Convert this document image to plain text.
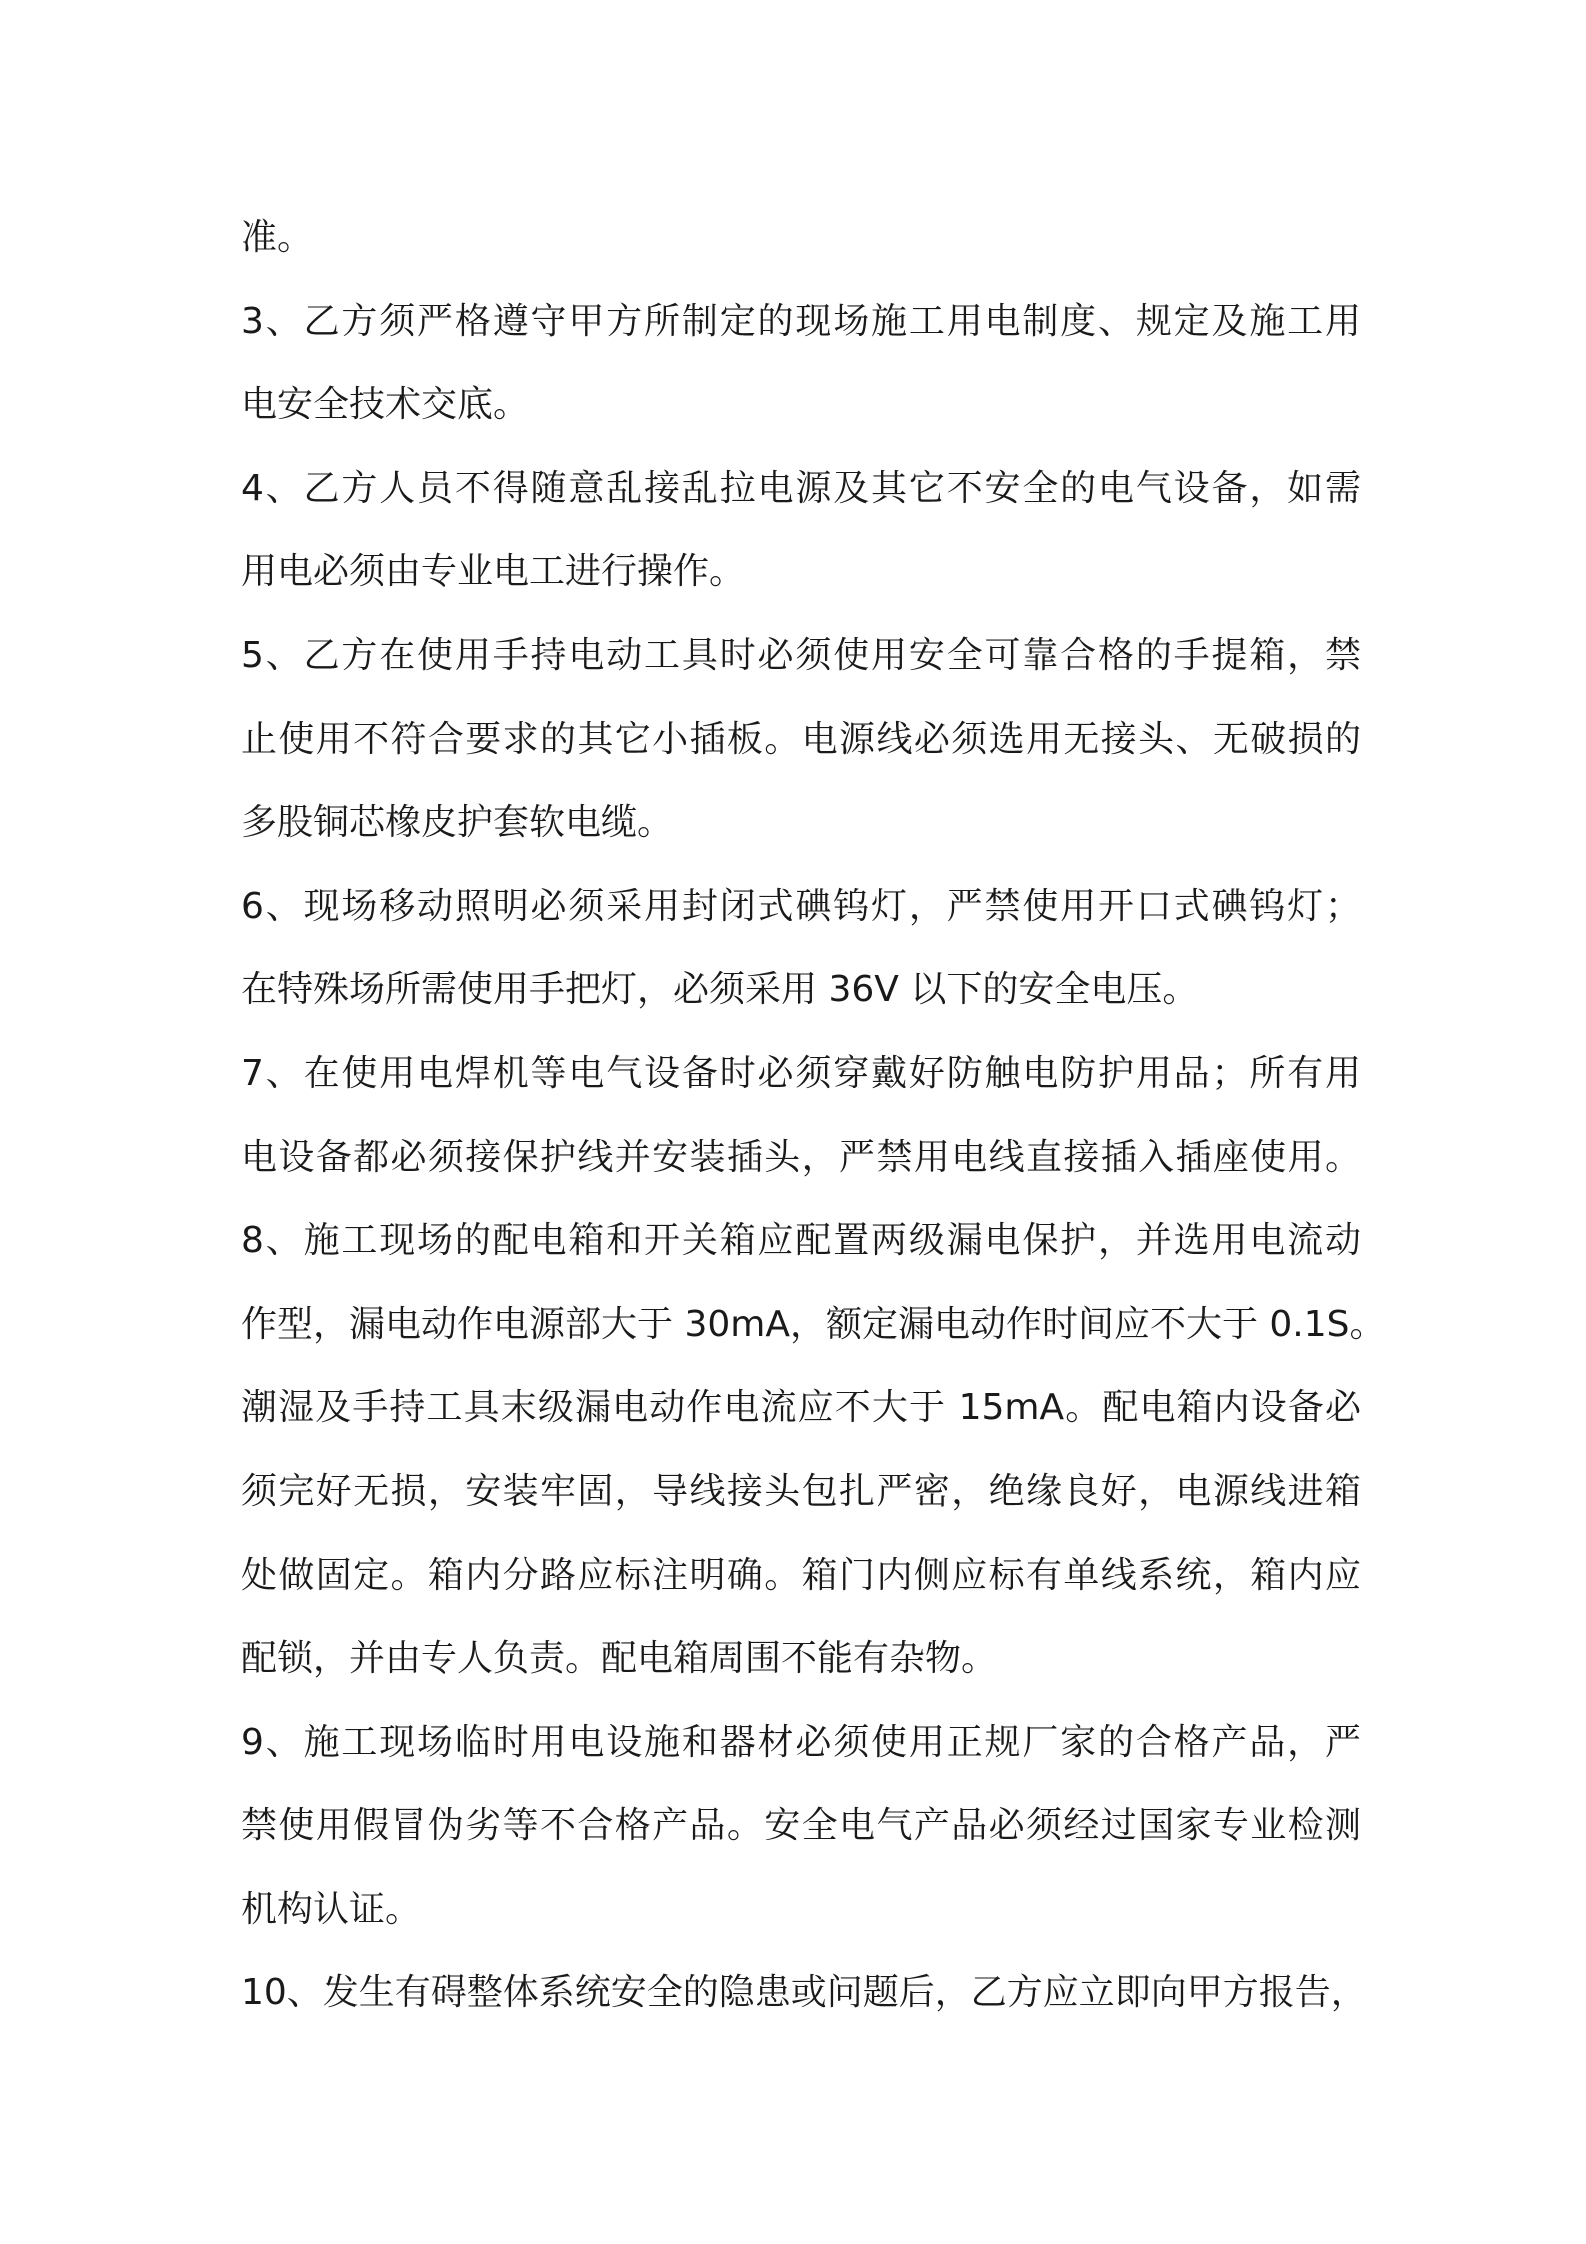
准。
3、乙方须严格遵守甲方所制定的现场施工用电制度、规定及施工用
电安全技术交底。
4、乙方人员不得随意乱接乱拉电源及其它不安全的电气设备，如需
用电必须由专业电工进行操作。
5、乙方在使用手持电动工具时必须使用安全可靠合格的手提箱，禁
止使用不符合要求的其它小插板。电源线必须选用无接头、无破损的
多股铜芯橡皮护套软电缆。
6、现场移动照明必须采用封闭式碘钨灯，严禁使用开口式碘钨灯；
在特殊场所需使用手把灯，必须采用 36V 以下的安全电压。
7、在使用电焊机等电气设备时必须穿戴好防触电防护用品；所有用
电设备都必须接保护线并安装插头，严禁用电线直接插入插座使用。
8、施工现场的配电箱和开关箱应配置两级漏电保护，并选用电流动
作型，漏电动作电源部大于 30mA，额定漏电动作时间应不大于 0.1S。
潮湿及手持工具末级漏电动作电流应不大于 15mA。配电箱内设备必
须完好无损，安装牢固，导线接头包扎严密，绝缘良好，电源线进箱
处做固定。箱内分路应标注明确。箱门内侧应标有单线系统，箱内应
配锁，并由专人负责。配电箱周围不能有杂物。
9、施工现场临时用电设施和器材必须使用正规厂家的合格产品，严
禁使用假冒伪劣等不合格产品。安全电气产品必须经过国家专业检测
机构认证。
10、发生有碍整体系统安全的隐患或问题后，乙方应立即向甲方报告，
